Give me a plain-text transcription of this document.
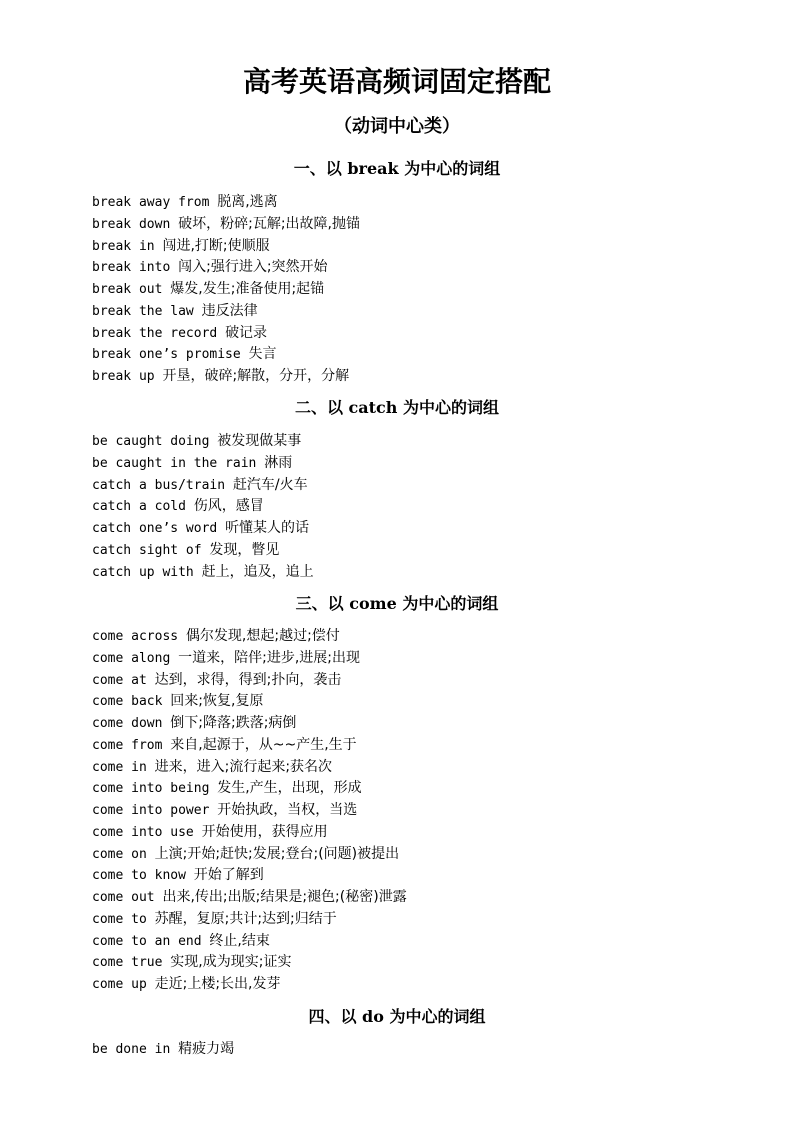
高考英语高频词固定搭配
（动词中心类）
一、以 break 为中心的词组
break away from 脱离,逃离
break down 破坏，粉碎;瓦解;出故障,抛锚
break in 闯进,打断;使顺服
break into 闯入;强行进入;突然开始
break out 爆发,发生;准备使用;起锚
break the law 违反法律
break the record 破记录
break one’s promise 失言
break up 开垦，破碎;解散，分开，分解
二、以 catch 为中心的词组
be caught doing 被发现做某事
be caught in the rain 淋雨
catch a bus/train 赶汽车/火车
catch a cold 伤风，感冒
catch one’s word 听懂某人的话
catch sight of 发现，瞥见
catch up with 赶上，追及，追上
三、以 come 为中心的词组
come across 偶尔发现,想起;越过;偿付
come along 一道来，陪伴;进步,进展;出现
come at 达到，求得，得到;扑向，袭击
come back 回来;恢复,复原
come down 倒下;降落;跌落;病倒
come from 来自,起源于，从~~产生,生于
come in 进来，进入;流行起来;获名次
come into being 发生,产生，出现，形成
come into power 开始执政，当权，当选
come into use 开始使用，获得应用
come on 上演;开始;赶快;发展;登台;(问题)被提出
come to know 开始了解到
come out 出来,传出;出版;结果是;褪色;(秘密)泄露
come to 苏醒，复原;共计;达到;归结于
come to an end 终止,结束
come true 实现,成为现实;证实
come up 走近;上楼;长出,发芽
四、以 do 为中心的词组
be done in 精疲力竭
